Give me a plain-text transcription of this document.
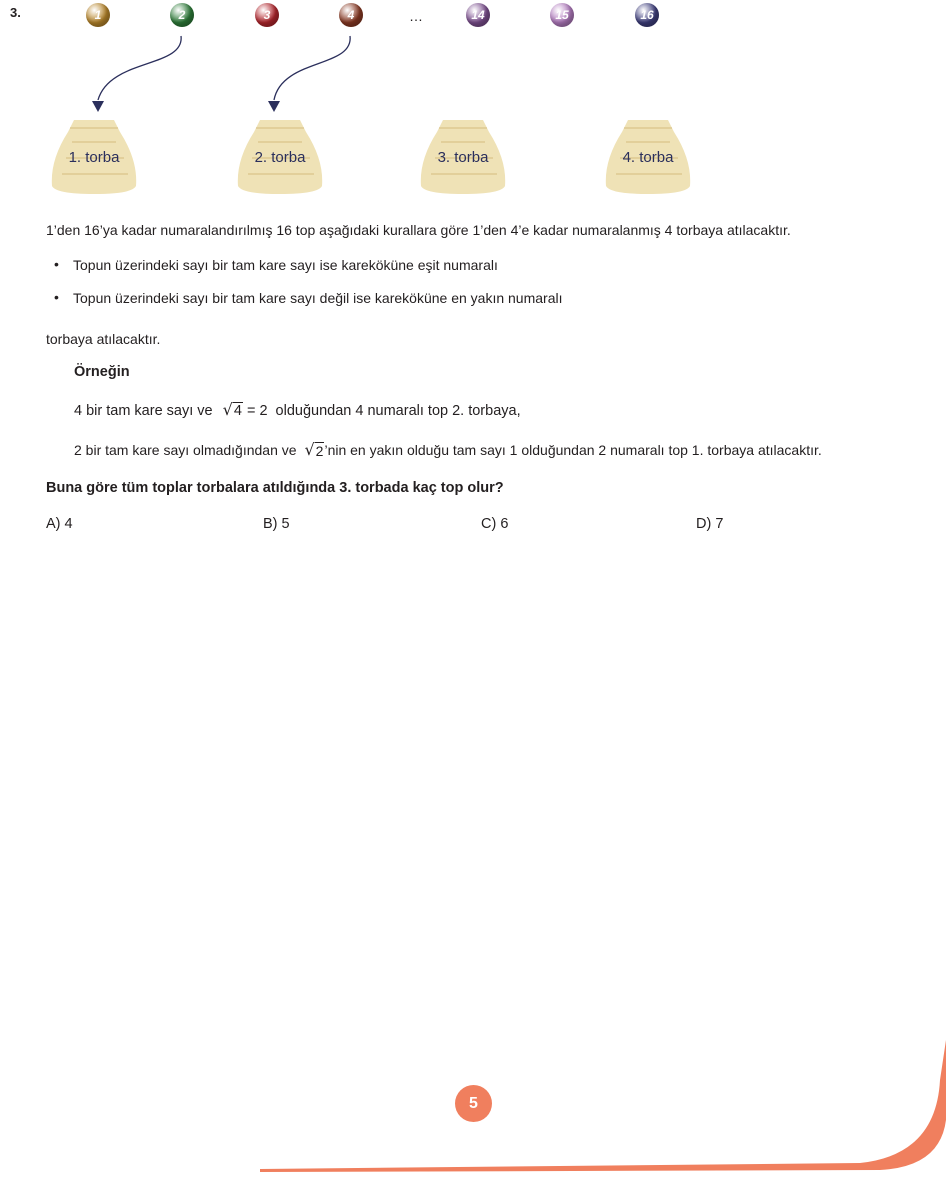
3.	1	2	3	4	…	14	15	16
1. torba	2. torba	3. torba	4. torba
1’den 16’ya kadar numaralandırılmış 16 top aşağıdaki kurallara göre 1’den 4’e kadar numaralanmış 4 torbaya atılacaktır.
• Topun üzerindeki sayı bir tam kare sayı ise kareköküne eşit numaralı
• Topun üzerindeki sayı bir tam kare sayı değil ise kareköküne en yakın numaralı
torbaya atılacaktır.
Örneğin
4 bir tam kare sayı ve √ 4 = 2 olduğundan 4 numaralı top 2. torbaya,
2 bir tam kare sayı olmadığından ve √ 2 ’nin en yakın olduğu tam sayı 1 olduğundan 2 numaralı top 1. torbaya atılacaktır.
Buna göre tüm toplar torbalara atıldığında 3. torbada kaç top olur?
A) 4	B) 5	C) 6	D) 7
5
